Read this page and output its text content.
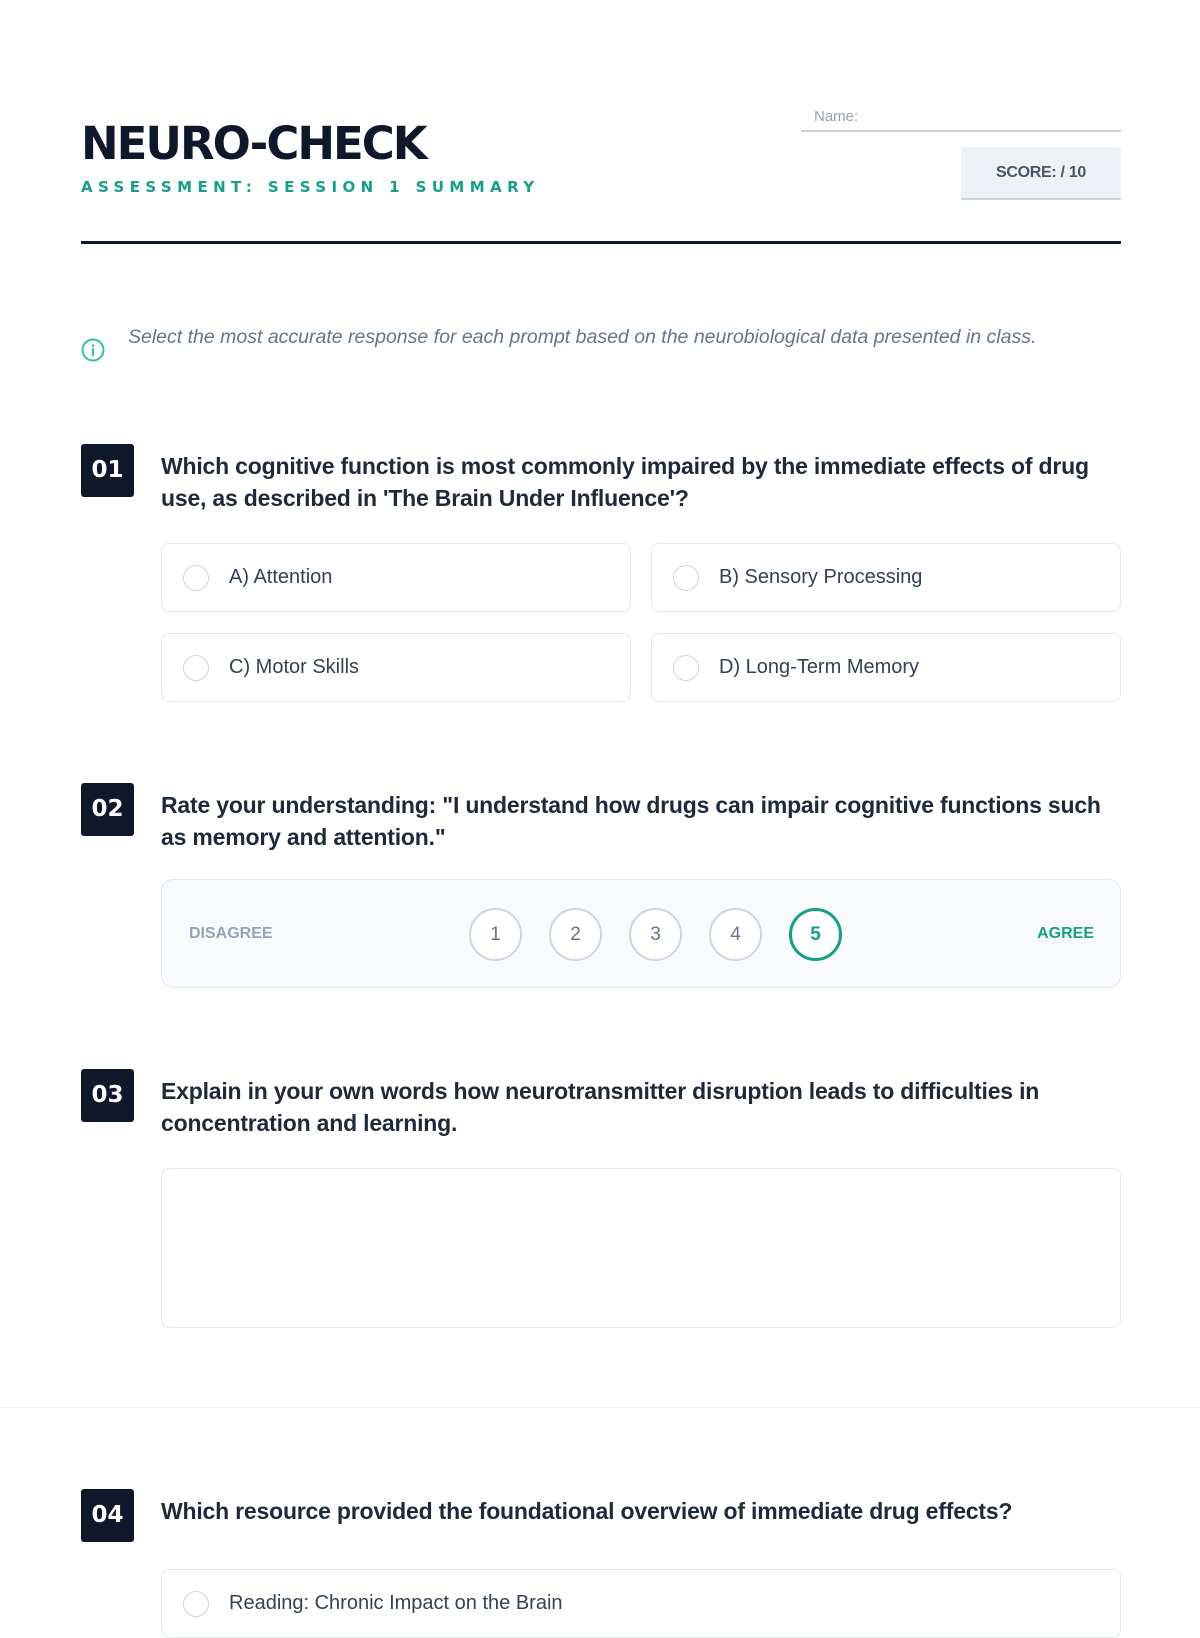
NEURO-CHECK
ASSESSMENT: SESSION 1 SUMMARY
Name:
SCORE: / 10
Select the most accurate response for each prompt based on the neurobiological data presented in class.
01	Which cognitive function is most commonly impaired by the immediate effects of drug use, as described in 'The Brain Under Influence'?
A) Attention	B) Sensory Processing
C) Motor Skills	D) Long-Term Memory
02	Rate your understanding: "I understand how drugs can impair cognitive functions such as memory and attention."
DISAGREE	1	2	3	4	5	AGREE
03	Explain in your own words how neurotransmitter disruption leads to difficulties in concentration and learning.
04	Which resource provided the foundational overview of immediate drug effects?
Reading: Chronic Impact on the Brain
